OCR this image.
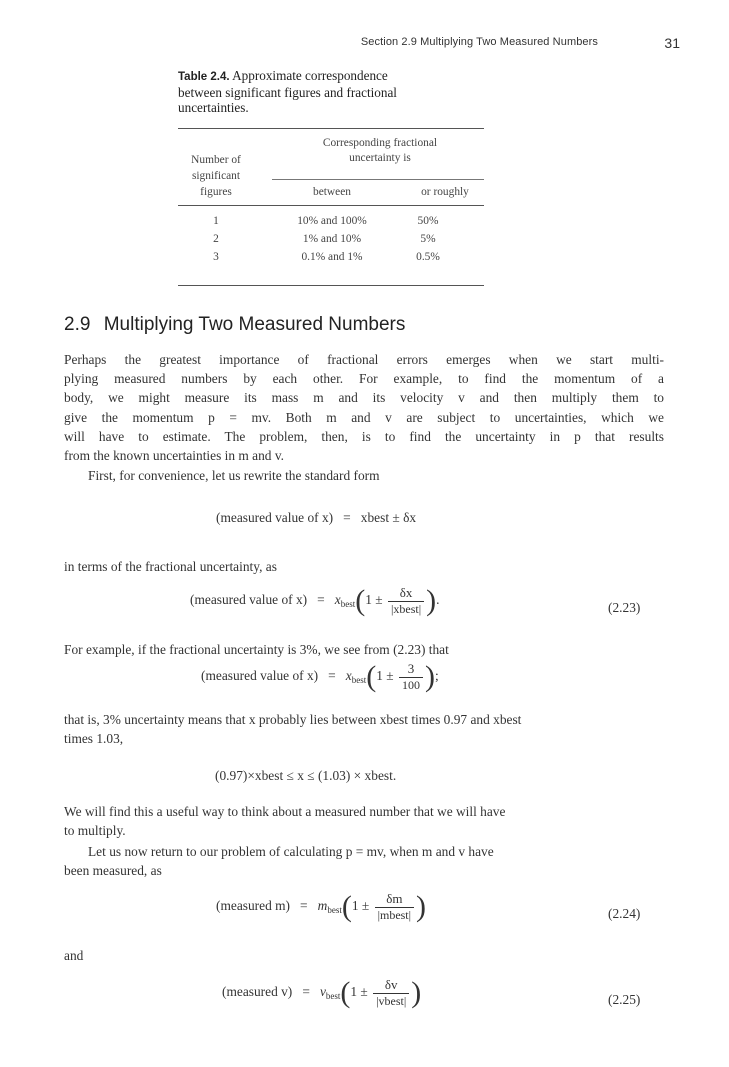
Section 2.9 Multiplying Two Measured Numbers	31
Table 2.4. Approximate correspondence
between significant figures and fractional
uncertainties.
Corresponding fractional
uncertainty is
Number of
significant
figures	between	or roughly
1	10% and 100%	50%
2	1% and 10%	5%
3	0.1% and 1%	0.5%
2.9 Multiplying Two Measured Numbers
Perhaps the greatest importance of fractional errors emerges when we start multi-
plying measured numbers by each other. For example, to find the momentum of a
body, we might measure its mass m and its velocity v and then multiply them to
give the momentum p = mv. Both m and v are subject to uncertainties, which we
will have to estimate. The problem, then, is to find the uncertainty in p that results
from the known uncertainties in m and v.
First, for convenience, let us rewrite the standard form
(measured value of x) = xbest ± δx
in terms of the fractional uncertainty, as
(measured value of $x) = x_{best}(1 \pm \frac{\delta x}{\text{|xbest|}}$ ).
(2.23)
For example, if the fractional uncertainty is 3%, we see from (2.23) that
(measured value of $x) = x_{best}(1 \pm \frac{3}{100}$ );
that is, 3% uncertainty means that x probably lies between xbest times 0.97 and xbest
times 1.03,
(0.97)×xbest ≤ x ≤ (1.03) × xbest.
We will find this a useful way to think about a measured number that we will have
to multiply.
Let us now return to our problem of calculating p = mv, when m and v have
been measured, as
(measured $m) = m_{best}(1 \pm \frac{\delta m}{\text{|mbest|}}$ )	(2.24)
and
(measured $v) = v_{best}(1 \pm \frac{\delta v}{\text{|vbest|}}$ )	(2.25)
